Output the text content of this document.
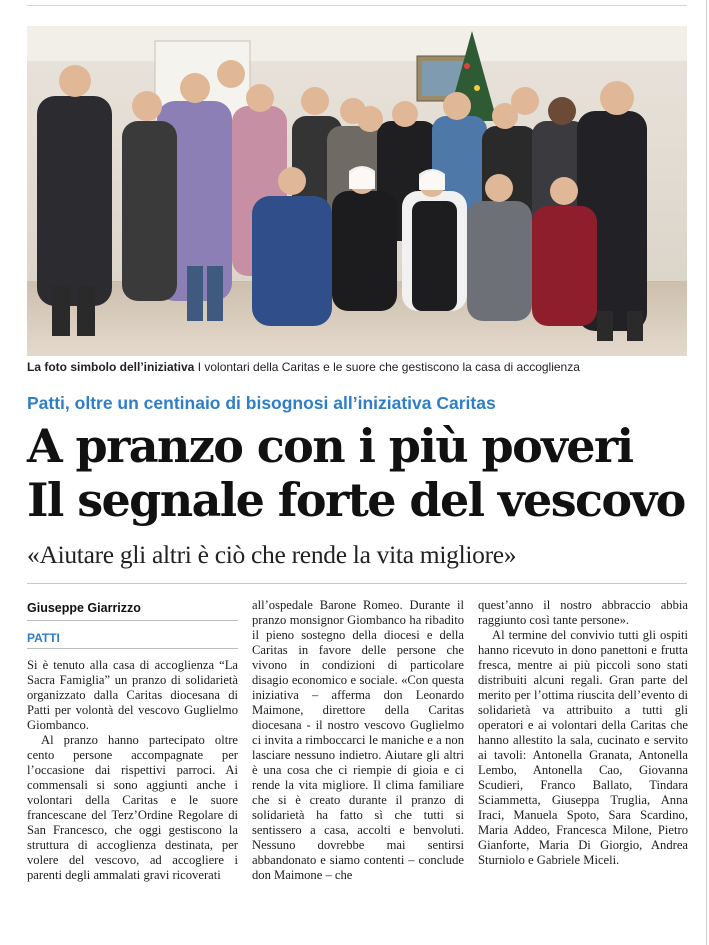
La foto simbolo dell’iniziativa I volontari della Caritas e le suore che gestiscono la casa di accoglienza
Patti, oltre un centinaio di bisognosi all’iniziativa Caritas
A pranzo con i più poveri
Il segnale forte del vescovo
«Aiutare gli altri è ciò che rende la vita migliore»
Giuseppe Giarrizzo
PATTI

Si è tenuto alla casa di accoglienza “La Sacra Famiglia” un pranzo di solidarietà organizzato dalla Caritas diocesana di Patti per volontà del vescovo Guglielmo Giombanco.

Al pranzo hanno partecipato oltre cento persone accompagnate per l’occasione dai rispettivi parroci. Ai commensali si sono aggiunti anche i volontari della Caritas e le suore francescane del Terz’Ordine Regolare di San Francesco, che oggi gestiscono la struttura di accoglienza destinata, per volere del vescovo, ad accogliere i parenti degli ammalati gravi ricoverati

all’ospedale Barone Romeo. Durante il pranzo monsignor Giombanco ha ribadito il pieno sostegno della diocesi e della Caritas in favore delle persone che vivono in condizioni di particolare disagio economico e sociale. «Con questa iniziativa – afferma don Leonardo Maimone, direttore della Caritas diocesana - il nostro vescovo Guglielmo ci invita a rimboccarci le maniche e a non lasciare nessuno indietro. Aiutare gli altri è una cosa che ci riempie di gioia e ci rende la vita migliore. Il clima familiare che si è creato durante il pranzo di solidarietà ha fatto sì che tutti si sentissero a casa, accolti e benvoluti. Nessuno dovrebbe mai sentirsi abbandonato e siamo contenti – conclude don Maimone – che

quest’anno il nostro abbraccio abbia raggiunto così tante persone».

Al termine del convivio tutti gli ospiti hanno ricevuto in dono panettoni e frutta fresca, mentre ai più piccoli sono stati distribuiti alcuni regali. Gran parte del merito per l’ottima riuscita dell’evento di solidarietà va attribuito a tutti gli operatori e ai volontari della Caritas che hanno allestito la sala, cucinato e servito ai tavoli: Antonella Granata, Antonella Lembo, Antonella Cao, Giovanna Scudieri, Franco Ballato, Tindara Sciammetta, Giuseppa Truglia, Anna Iraci, Manuela Spoto, Sara Scardino, Maria Addeo, Francesca Milone, Pietro Gianforte, Maria Di Giorgio, Andrea Sturniolo e Gabriele Miceli.
